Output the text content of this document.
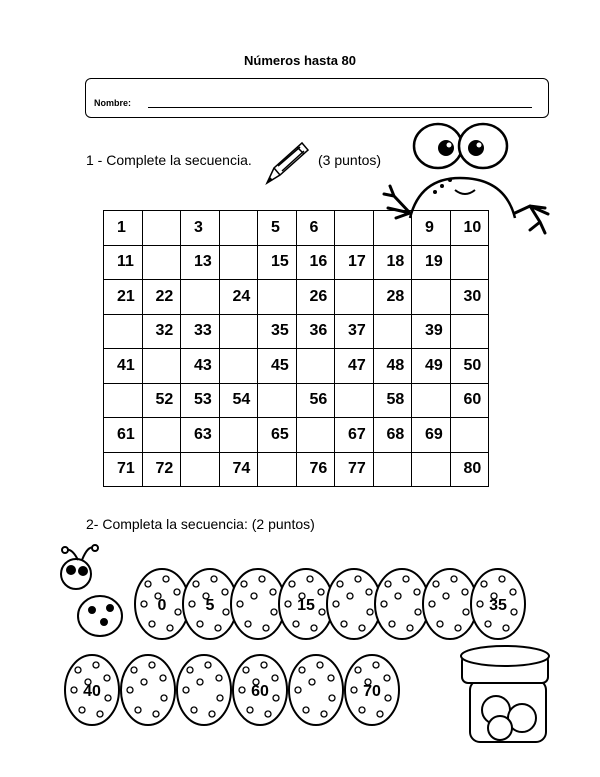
Números hasta 80
Nombre:
1 - Complete la secuencia.	(3 puntos)
1		3		5	6			9	10
11		13		15	16	17	18	19	
21	22		24		26		28		30
	32	33		35	36	37		39	
41		43		45		47	48	49	50
	52	53	54		56		58		60
61		63		65		67	68	69	
71	72		74		76	77			80
2- Completa la secuencia: (2 puntos)
0 5	15	35
40	60	70
